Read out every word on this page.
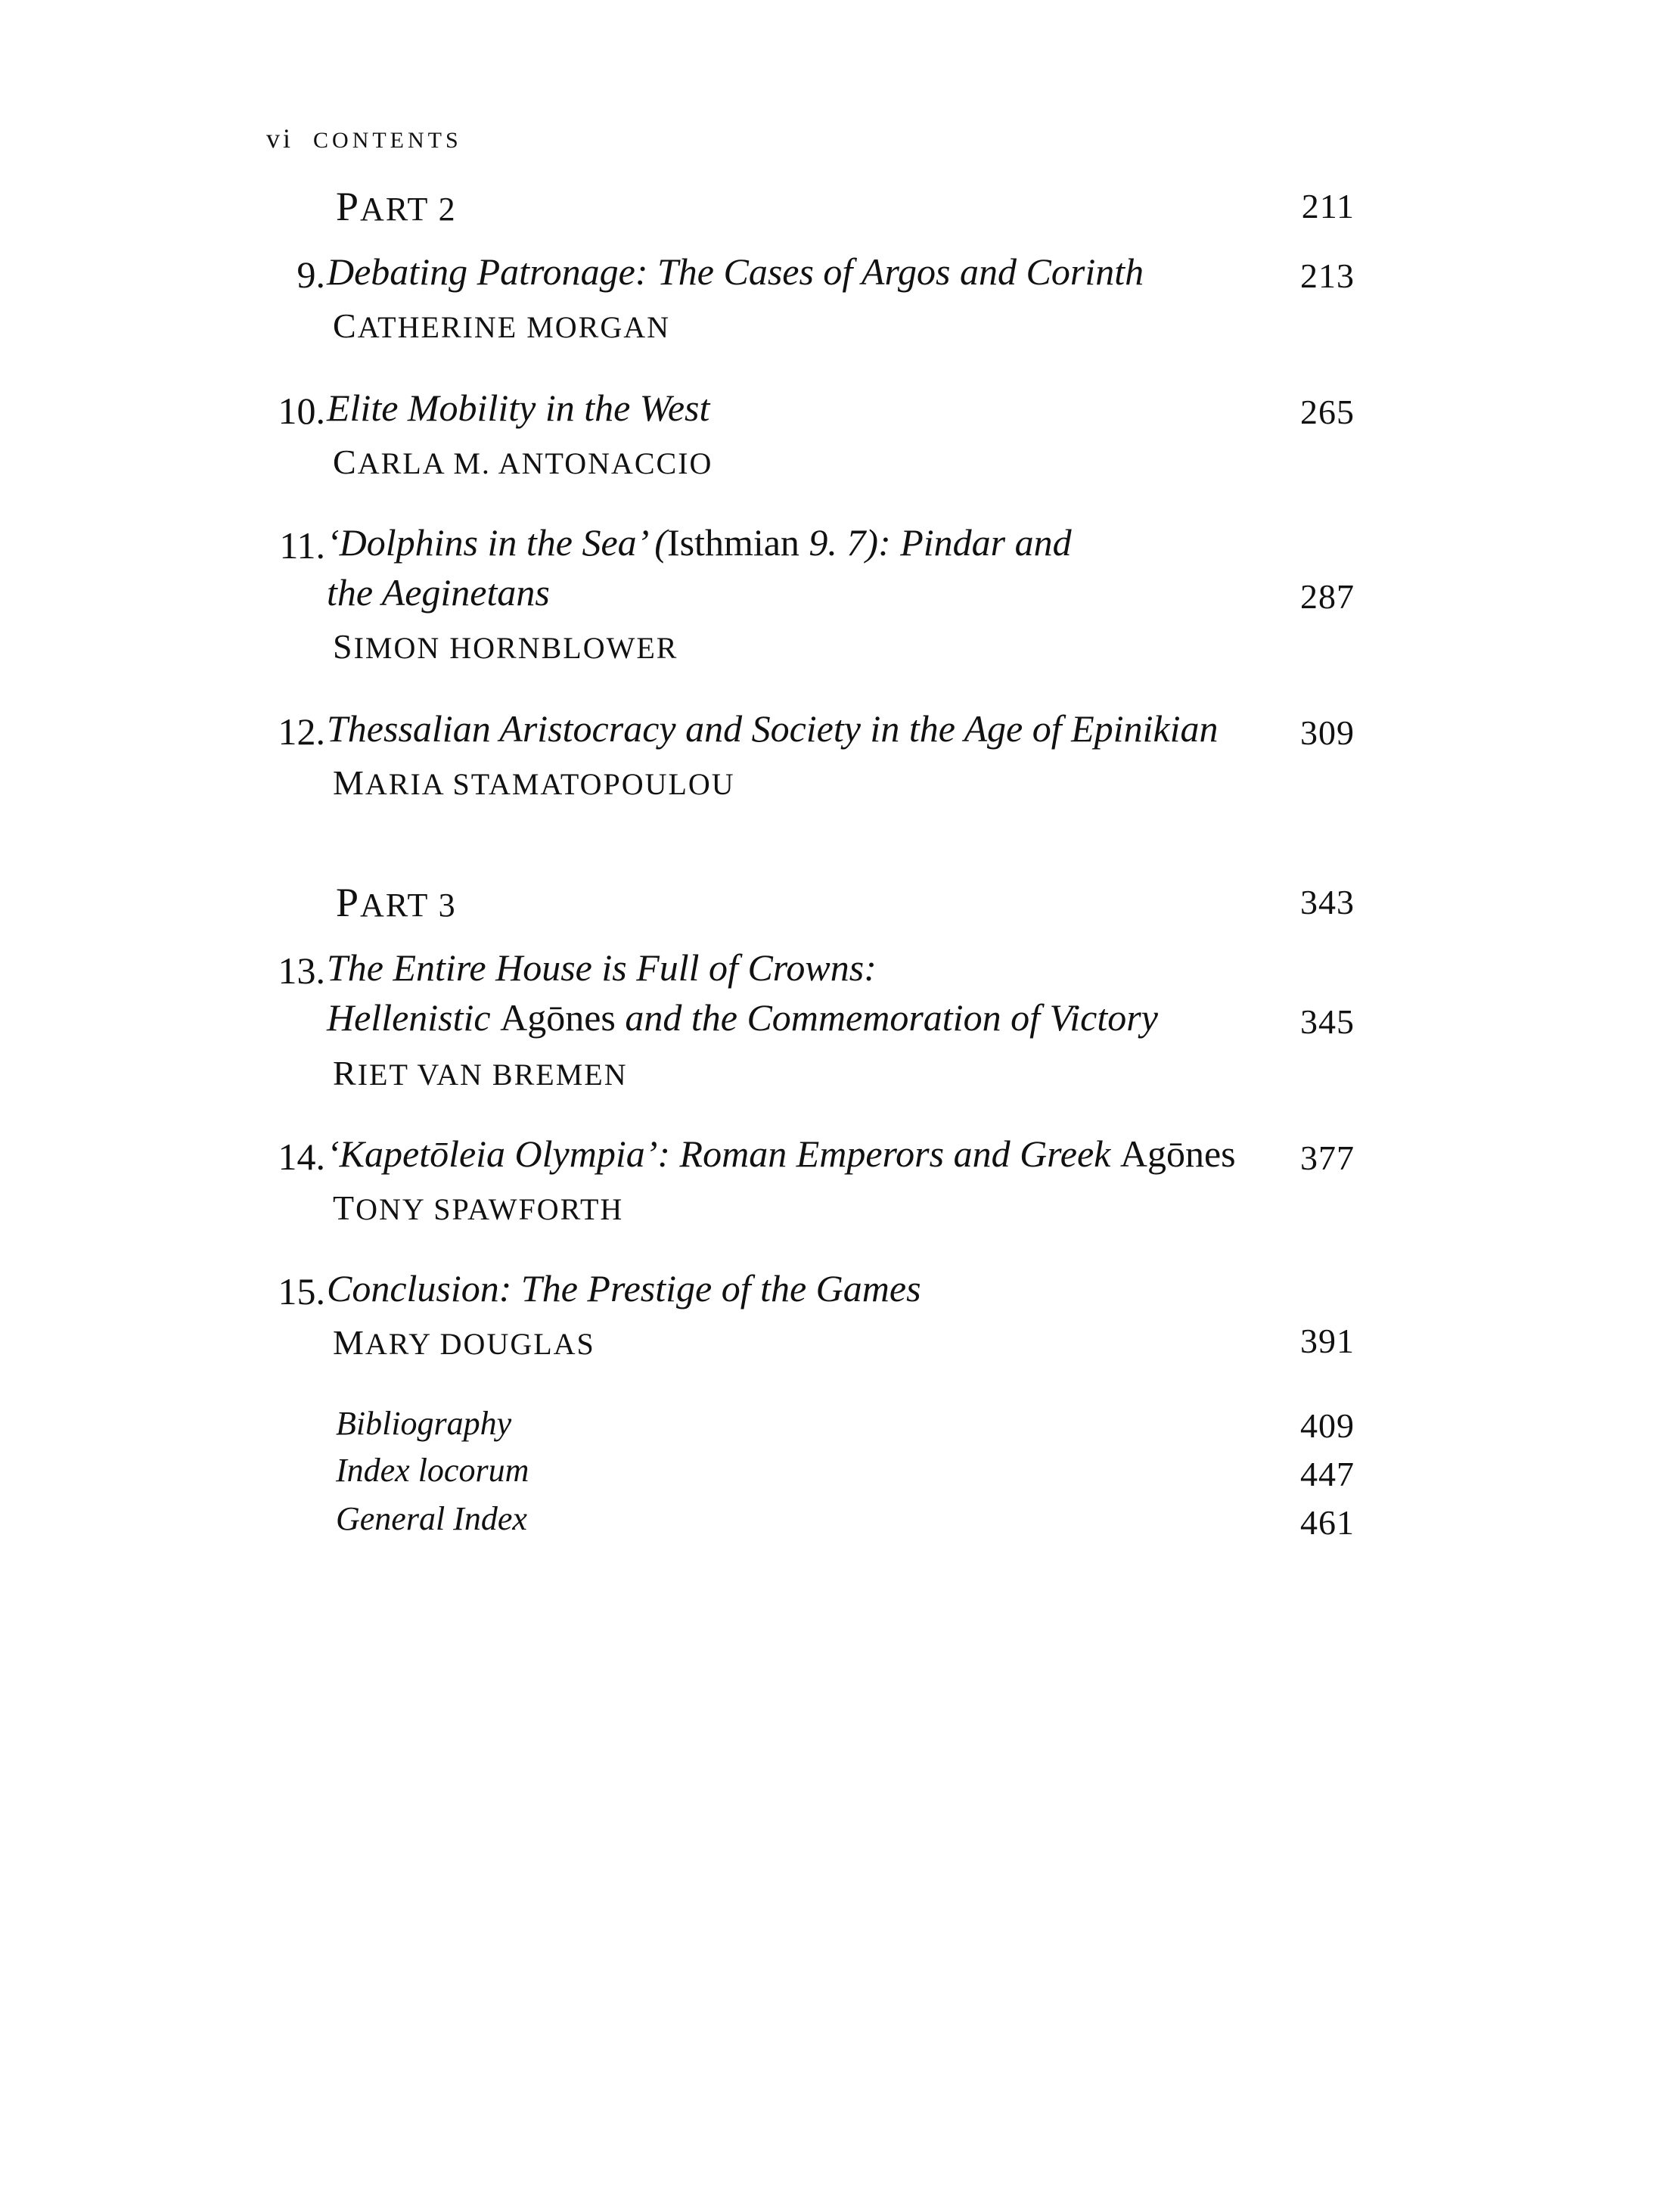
vi CONTENTS
PART 2	211
9. Debating Patronage: The Cases of Argos and Corinth	213
CATHERINE MORGAN
10. Elite Mobility in the West	265
CARLA M. ANTONACCIO
11. ‘Dolphins in the Sea’ (Isthmian 9. 7): Pindar and
the Aeginetans	287
SIMON HORNBLOWER
12. Thessalian Aristocracy and Society in the Age of Epinikian 309
MARIA STAMATOPOULOU
PART 3	343
13. The Entire House is Full of Crowns:
Hellenistic Agōnes and the Commemoration of Victory	345
RIET VAN BREMEN
14. ‘Kapetōleia Olympia’: Roman Emperors and Greek Agōnes 377
TONY SPAWFORTH
15. Conclusion: The Prestige of the Games
MARY DOUGLAS	391
Bibliography	409
Index locorum	447
General Index	461
